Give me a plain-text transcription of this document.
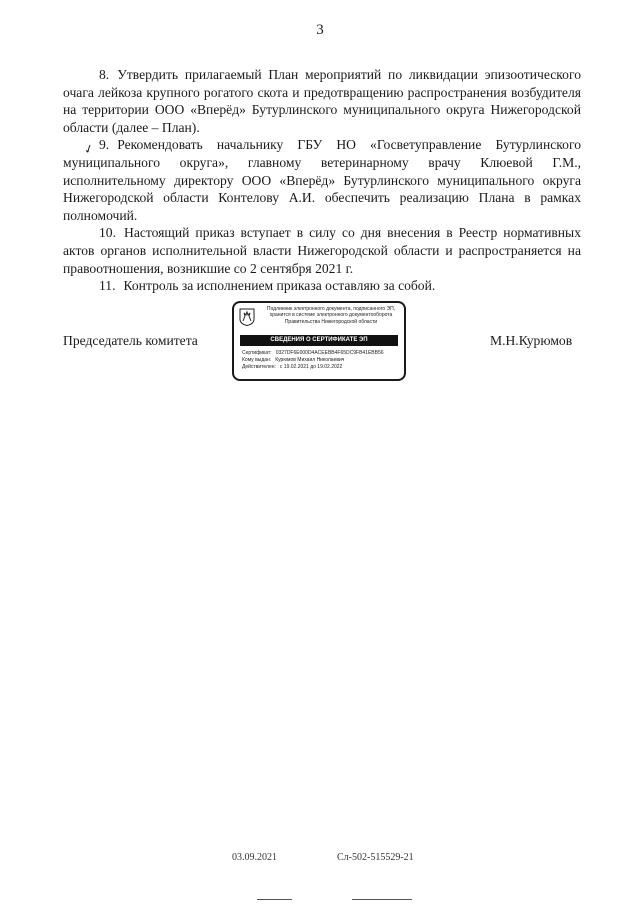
3
✓

8. Утвердить прилагаемый План мероприятий по ликвидации эпизоотического очага лейкоза крупного рогатого скота и предотвращению распространения возбудителя на территории ООО «Вперёд» Бутурлинского муниципального округа Нижегородской области (далее – План).

9. Рекомендовать начальнику ГБУ НО «Госветуправление Бутурлинского муниципального округа», главному ветеринарному врачу Клюевой Г.М., исполнительному директору ООО «Вперёд» Бутурлинского муниципального округа Нижегородской области Контелову А.И. обеспечить реализацию Плана в рамках полномочий.

10. Настоящий приказ вступает в силу со дня внесения в Реестр нормативных актов органов исполнительной власти Нижегородской области и распространяется на правоотношения, возникшие со 2 сентября 2021 г.

11. Контроль за исполнением приказа оставляю за собой.

Председатель комитета
Подлинник электронного документа, подписанного ЭП, хранится в системе электронного документооборота Правительства Нижегородской области
СВЕДЕНИЯ О СЕРТИФИКАТЕ ЭП
Сертификат: 0327DF6E000D4ACEEBB4F65DC9FB41EBB56
Кому выдан: Курюмов Михаил Николаевич
Действителен: с 19.02.2021 до 19.02.2022
М.Н.Курюмов
03.09.2021	Сл-502-515529-21
